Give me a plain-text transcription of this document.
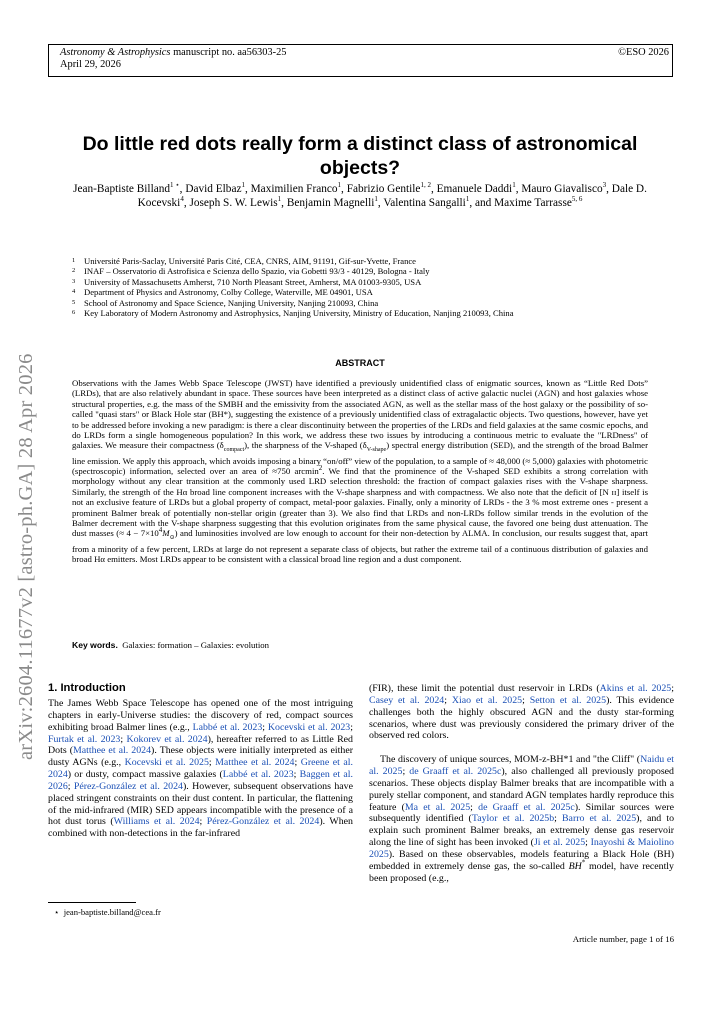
Astronomy & Astrophysics manuscript no. aa56303-25
April 29, 2026
©ESO 2026
arXiv:2604.11677v2 [astro-ph.GA] 28 Apr 2026
Do little red dots really form a distinct class of astronomical objects?
Jean-Baptiste Billand$^{1 ⋆}$, David Elbaz$^1$, Maximilien Franco$^1$, Fabrizio Gentile$^{1, 2}$, Emanuele Daddi$^1$, Mauro Giavalisco$^3$, Dale D. Kocevski$^4$, Joseph S. W. Lewis$^1$, Benjamin Magnelli$^1$, Valentina Sangalli$^1$, and Maxime Tarrasse$^{5, 6}$
1 Université Paris-Saclay, Université Paris Cité, CEA, CNRS, AIM, 91191, Gif-sur-Yvette, France
2 INAF – Osservatorio di Astrofisica e Scienza dello Spazio, via Gobetti 93/3 - 40129, Bologna - Italy
3 University of Massachusetts Amherst, 710 North Pleasant Street, Amherst, MA 01003-9305, USA
4 Department of Physics and Astronomy, Colby College, Waterville, ME 04901, USA
5 School of Astronomy and Space Science, Nanjing University, Nanjing 210093, China
6 Key Laboratory of Modern Astronomy and Astrophysics, Nanjing University, Ministry of Education, Nanjing 210093, China
ABSTRACT
Observations with the James Webb Space Telescope (JWST) have identified a previously unidentified class of enigmatic sources, known as “Little Red Dots” (LRDs), that are also relatively abundant in space. These sources have been interpreted as a distinct class of active galactic nuclei (AGN) and host galaxies whose structural properties, e.g. the mass of the SMBH and the emissivity from the associated AGN, as well as the stellar mass of the host galaxy or the possibility of so-called "quasi stars" or Black Hole star (BH*), suggesting the existence of a previously unidentified class of extragalactic objects. Two questions, however, have yet to be addressed before invoking a new paradigm: is there a clear discontinuity between the properties of the LRDs and field galaxies at the same cosmic epochs, and do LRDs form a single homogeneous population? In this work, we address these two issues by introducing a continuous metric to evaluate the "LRDness" of galaxies. We measure their compactness $(\delta_{compact})$, the sharpness of the V-shaped $(\delta_{V-shape})$ spectral energy distribution (SED), and the strength of the broad Balmer line emission. We apply this approach, which avoids imposing a binary “on/off” view of the population, to a sample of ≈ 48,000 (≈ 5,000) galaxies with photometric (spectroscopic) information, selected over an area of ≈750 arcmin$^2$. We find that the prominence of the V-shaped SED exhibits a strong correlation with morphology without any clear transition at the commonly used LRD selection threshold: the fraction of compact galaxies rises with the V-shape sharpness. Similarly, the strength of the Hα broad line component increases with the V-shape sharpness and with compactness. We also note that the deficit of [N ɪɪ] itself is not an exclusive feature of LRDs but a global property of compact, metal-poor galaxies. Finally, only a minority of LRDs - the 3 % most extreme ones - present a prominent Balmer break of potentially non-stellar origin (greater than 3). We also find that LRDs and non-LRDs follow similar trends in the evolution of the Balmer decrement with the V-shape sharpness suggesting that this evolution originates from the same physical cause, the favored one being dust attenuation. The dust masses (≈ $4 - 7\times 10^4M_⊙$) and luminosities involved are low enough to account for their non-detection by ALMA. In conclusion, our results suggest that, apart from a minority of a few percent, LRDs at large do not represent a separate class of objects, but rather the extreme tail of a continuous distribution of galaxies and broad Hα emitters. Most LRDs appear to be consistent with a classical broad line region and a dust component.
Key words. Galaxies: formation – Galaxies: evolution
1. Introduction

The James Webb Space Telescope has opened one of the most intriguing chapters in early-Universe studies: the discovery of red, compact sources exhibiting broad Balmer lines (e.g., Labbé et al. 2023; Kocevski et al. 2023; Furtak et al. 2023; Kokorev et al. 2024), hereafter referred to as Little Red Dots (Matthee et al. 2024). These objects were initially interpreted as either dusty AGNs (e.g., Kocevski et al. 2025; Matthee et al. 2024; Greene et al. 2024) or dusty, compact massive galaxies (Labbé et al. 2023; Baggen et al. 2026; Pérez-González et al. 2024). However, subsequent observations have placed stringent constraints on their dust content. In particular, the flattening of the mid-infrared (MIR) SED appears incompatible with the presence of a hot dust torus (Williams et al. 2024; Pérez-González et al. 2024). When combined with non-detections in the far-infrared

(FIR), these limit the potential dust reservoir in LRDs (Akins et al. 2025; Casey et al. 2024; Xiao et al. 2025; Setton et al. 2025). This evidence challenges both the highly obscured AGN and the dusty star-forming scenarios, where dust was previously considered the primary driver of the observed red colors.

The discovery of unique sources, MOM-z-BH*1 and "the Cliff" (Naidu et al. 2025; de Graaff et al. 2025c), also challenged all previously proposed scenarios. These objects display Balmer breaks that are incompatible with a purely stellar component, and standard AGN templates hardly reproduce this feature (Ma et al. 2025; de Graaff et al. 2025c). Similar sources were subsequently identified (Taylor et al. 2025b; Barro et al. 2025), and to explain such prominent Balmer breaks, an extremely dense gas reservoir along the line of sight has been invoked (Ji et al. 2025; Inayoshi & Maiolino 2025). Based on these observables, models featuring a Black Hole (BH) embedded in extremely dense gas, the so-called BH* model, have recently been proposed (e.g.,

⋆ jean-baptiste.billand@cea.fr
Article number, page 1 of 16
